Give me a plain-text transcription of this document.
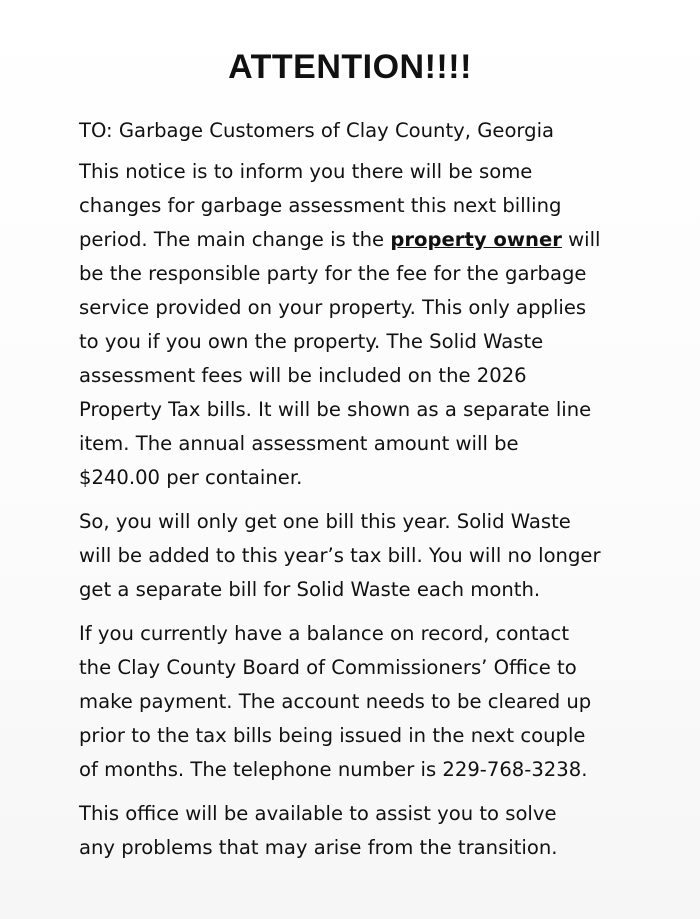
ATTENTION!!!!

TO: Garbage Customers of Clay County, Georgia

This notice is to inform you there will be some
changes for garbage assessment this next billing
period. The main change is the property owner will
be the responsible party for the fee for the garbage
service provided on your property. This only applies
to you if you own the property. The Solid Waste
assessment fees will be included on the 2026
Property Tax bills. It will be shown as a separate line
item. The annual assessment amount will be
$240.00 per container.
So, you will only get one bill this year. Solid Waste
will be added to this year’s tax bill. You will no longer
get a separate bill for Solid Waste each month.
If you currently have a balance on record, contact
the Clay County Board of Commissioners’ Office to
make payment. The account needs to be cleared up
prior to the tax bills being issued in the next couple
of months. The telephone number is 229-768-3238.
This office will be available to assist you to solve
any problems that may arise from the transition.
